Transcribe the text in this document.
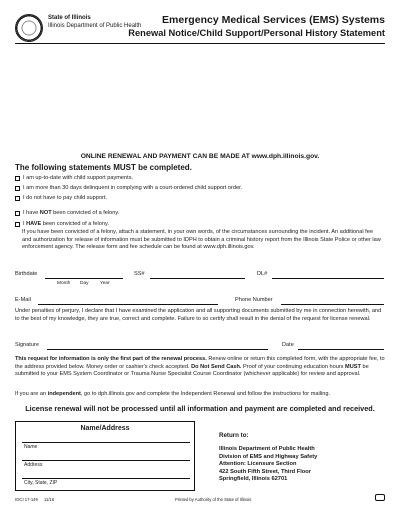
State of Illinois
Illinois Department of Public Health	Emergency Medical Services (EMS) Systems
Renewal Notice/Child Support/Personal History Statement
ONLINE RENEWAL AND PAYMENT CAN BE MADE AT www.dph.illinois.gov.
The following statements MUST be completed.
I am up-to-date with child support payments.
I am more than 30 days delinquent in complying with a court-ordered child support order.
I do not have to pay child support.
I have NOT been convicted of a felony.
I HAVE been convicted of a felony.
If you have been convicted of a felony, attach a statement, in your own words, of the circumstances surrounding the incident. An additional fee and authorization for release of information must be submitted to IDPH to obtain a criminal history report from the Illinois State Police or other law enforcement agency. The release form and fee schedule can be found at www.dph.illinois.gov.
Birthdate	SS#	DL#
Month Day Year
E-Mail	Phone Number
Under penalties of perjury, I declare that I have examined the application and all supporting documents submitted by me in connection herewith, and to the best of my knowledge, they are true, correct and complete. Failure to so certify shall result in the denial of the request for license renewal.
Signature	Date
This request for information is only the first part of the renewal process. Renew online or return this completed form, with the appropriate fee, to the address provided below. Money order or cashier's check accepted. Do Not Send Cash. Proof of your continuing education hours MUST be submitted to your EMS System Coordinator or Trauma Nurse Specialist Course Coordinator (whichever applicable) for review and approval.
If you are an independent, go to dph.illinois.gov and complete the Independent Renewal and follow the instructions for mailing.
License renewal will not be processed until all information and payment are completed and received.
Name/Address
Name
Address
City, State, ZIP
Return to:
Illinois Department of Public Health
Division of EMS and Highway Safety
Attention: Licensure Section
422 South Fifth Street, Third Floor
Springfield, Illinois 62701
IOCI 17-149 11/16	Printed by Authority of the State of Illinois
